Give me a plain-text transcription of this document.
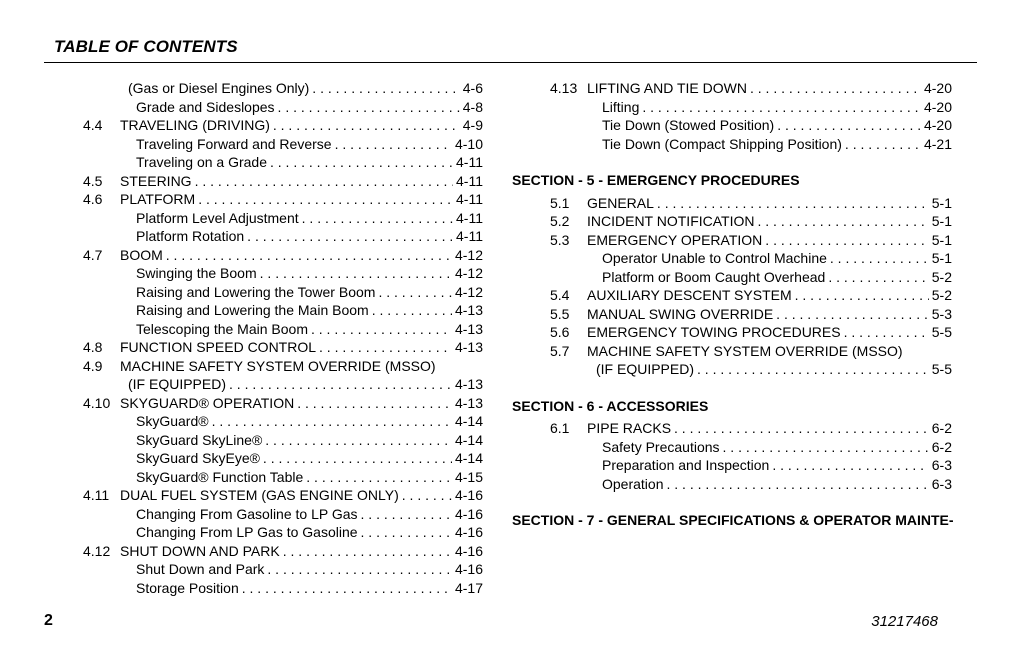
TABLE OF CONTENTS
(Gas or Diesel Engines Only) . . .	4-6
Grade and Sideslopes . . .	4-8
4.4 TRAVELING (DRIVING) . . .	4-9
Traveling Forward and Reverse . . .	4-10
Traveling on a Grade . . .	4-11
4.5 STEERING . . .	4-11
4.6 PLATFORM . . .	4-11
Platform Level Adjustment . . .	4-11
Platform Rotation . . .	4-11
4.7 BOOM . . .	4-12
Swinging the Boom . . .	4-12
Raising and Lowering the Tower Boom . . .	4-12
Raising and Lowering the Main Boom . . .	4-13
Telescoping the Main Boom . . .	4-13
4.8 FUNCTION SPEED CONTROL . . .	4-13
4.9 MACHINE SAFETY SYSTEM OVERRIDE (MSSO)
(IF EQUIPPED) . . .	4-13
4.10 SKYGUARD® OPERATION . . .	4-13
SkyGuard® . . .	4-14
SkyGuard SkyLine® . . .	4-14
SkyGuard SkyEye® . . .	4-14
SkyGuard® Function Table . . .	4-15
4.11 DUAL FUEL SYSTEM (GAS ENGINE ONLY) . . .	4-16
Changing From Gasoline to LP Gas . . .	4-16
Changing From LP Gas to Gasoline . . .	4-16
4.12 SHUT DOWN AND PARK . . .	4-16
Shut Down and Park . . .	4-16
Storage Position . . .	4-17
4.13 LIFTING AND TIE DOWN . . .	4-20
Lifting . . .	4-20
Tie Down (Stowed Position) . . .	4-20
Tie Down (Compact Shipping Position) . . .	4-21
SECTION - 5 - EMERGENCY PROCEDURES
5.1 GENERAL . . .	5-1
5.2 INCIDENT NOTIFICATION . . .	5-1
5.3 EMERGENCY OPERATION . . .	5-1
Operator Unable to Control Machine . . .	5-1
Platform or Boom Caught Overhead . . .	5-2
5.4 AUXILIARY DESCENT SYSTEM . . .	5-2
5.5 MANUAL SWING OVERRIDE . . .	5-3
5.6 EMERGENCY TOWING PROCEDURES . . .	5-5
5.7 MACHINE SAFETY SYSTEM OVERRIDE (MSSO)
(IF EQUIPPED) . . .	5-5
SECTION - 6 - ACCESSORIES
6.1 PIPE RACKS . . .	6-2
Safety Precautions . . .	6-2
Preparation and Inspection . . .	6-3
Operation . . .	6-3
SECTION - 7 - GENERAL SPECIFICATIONS & OPERATOR MAINTE-
2	31217468
